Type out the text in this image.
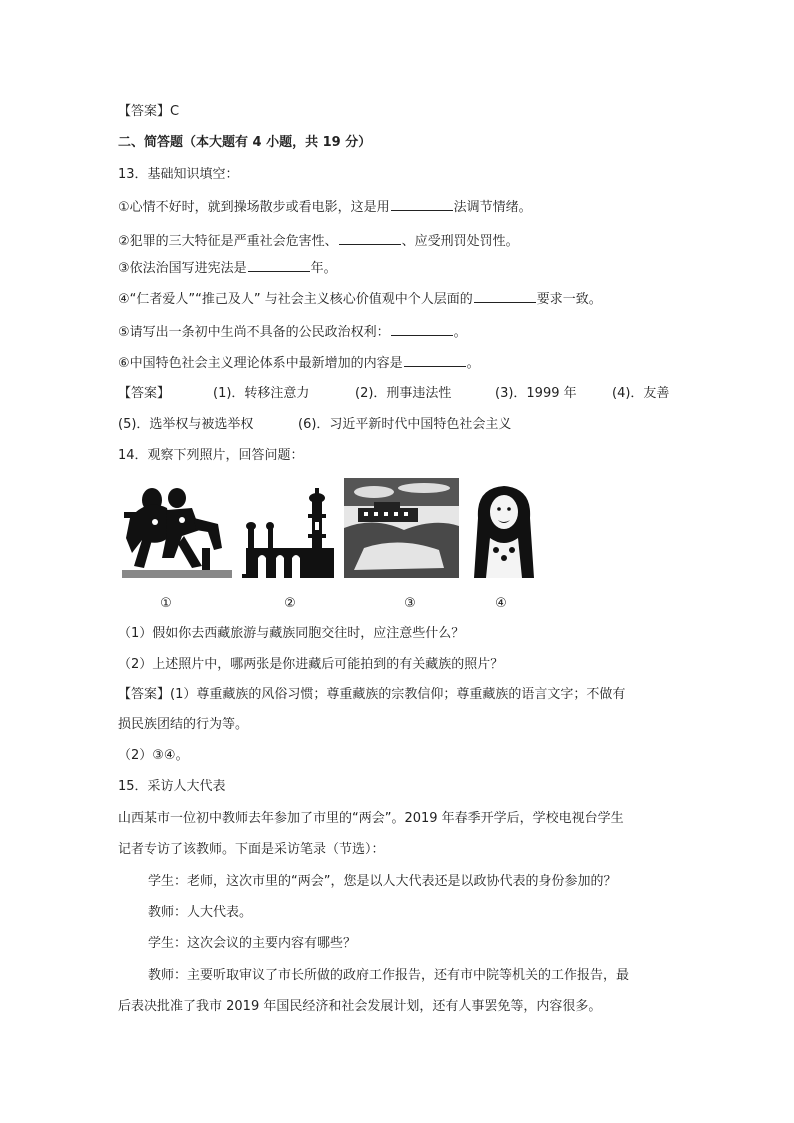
【答案】C
二、简答题（本大题有 4 小题，共 19 分）
13．基础知识填空：
①心情不好时，就到操场散步或看电影，这是用	法调节情绪。
②犯罪的三大特征是严重社会危害性、	、应受刑罚处罚性。
③依法治国写进宪法是	年。
④“仁者爱人”“推己及人” 与社会主义核心价值观中个人层面的	要求一致。
⑤请写出一条初中生尚不具备的公民政治权利：	。
⑥中国特色社会主义理论体系中最新增加的内容是	。
【答案】	(1)．转移注意力	(2)．刑事违法性	(3)．1999 年	(4)．友善
(5)．选举权与被选举权	(6)．习近平新时代中国特色社会主义
14．观察下列照片，回答问题：
①	②	③	④
（1）假如你去西藏旅游与藏族同胞交往时，应注意些什么？
（2）上述照片中，哪两张是你进藏后可能拍到的有关藏族的照片？
【答案】(1）尊重藏族的风俗习惯；尊重藏族的宗教信仰；尊重藏族的语言文字；不做有
损民族团结的行为等。
（2）③④。
15．采访人大代表
山西某市一位初中教师去年参加了市里的“两会”。2019 年春季开学后，学校电视台学生
记者专访了该教师。下面是采访笔录（节选）：
学生：老师，这次市里的“两会”，您是以人大代表还是以政协代表的身份参加的？
教师：人大代表。
学生：这次会议的主要内容有哪些？
教师：主要听取审议了市长所做的政府工作报告，还有市中院等机关的工作报告，最
后表决批准了我市 2019 年国民经济和社会发展计划，还有人事罢免等，内容很多。
